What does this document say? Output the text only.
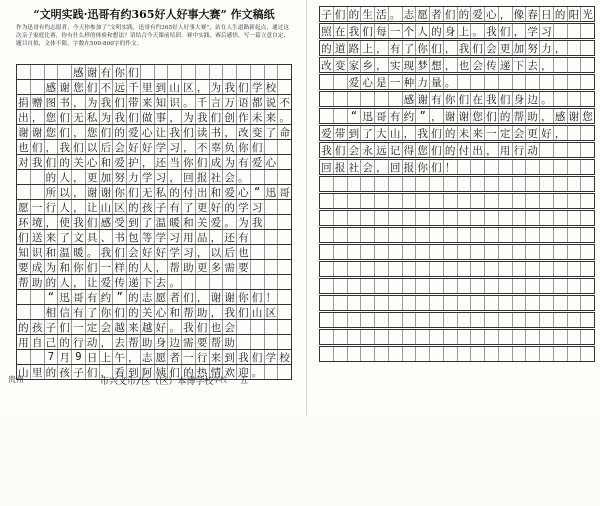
“文明实践·迅哥有约365好人好事大赛” 作文稿纸
作为迅哥有约志愿者，今天你参加了“文明实践，迅哥有约365好人好事大赛”，站在人生道路新起点，通过这次亲子家庭比赛，你有什么样的体验和想法？请结合今天课前培训、赛中实践、赛后感悟，写一篇立意自定，题目自拟，文体不限，字数在500-800字的作文。
感 谢 有 你 们
感 谢 您 们 不 远 千 里 到 山 区 ， 为 我 们 学 校
捐 赠 图 书 ， 为 我 们 带 来 知 识 。 千 言 万 语 都 说 不
出 ， 您 们 无 私 为 我 们 做 事 ， 为 我 们 创 作 未 来 。
谢 谢 您 们 ， 您 们 的 爱 心 让 我 们 读 书 ， 改 变 了 命
也 们 ， 我 们 以 后 会 好 好 学 习 ， 不 辜 负 你 们
对 我 们 的 关 心 和 爱 护 ， 还 当 你 们 成 为 有 爱 心
的 人 ， 更 加 努 力 学 习 ， 回 报 社 会 。
所 以 ， 谢 谢 你 们 无 私 的 付 出 和 爱 心 “ 迅 哥
愿 一 行 人 ， 让 山 区 的 孩 子 有 了 更 好 的 学 习
环 境 ， 使 我 们 感 受 到 了 温 暖 和 关 爱 。 为 我
们 送 来 了 文 具 、 书 包 等 学 习 用 品 ， 还 有
知 识 和 温 暖 。 我 们 会 好 好 学 习 ， 以 后 也
要 成 为 和 你 们 一 样 的 人 ， 帮 助 更 多 需 要
帮 助 的 人 ， 让 爱 传 递 下 去 。
“ 迅 哥 有 约 ” 的 志 愿 者 们 ， 谢 谢 你 们 ！
相 信 有 了 你 们 的 关 心 和 帮 助 ， 我 们 山 区
的 孩 子 们 一 定 会 越 来 越 好 。 我 们 也 会
用 自 己 的 行 动 ， 去 帮 助 身 边 需 要 帮 助
7 月 9 日 上 午 ， 志 愿 者 一 行 来 到 我 们 学 校
山 里 的 孩 子 们 ， 看 到 阿 姨 们 的 热 情 欢 迎 。
贵州	市兴义市/区（区）本博学校 学校 五
子 们 的 生 活 。 志 愿 者 们 的 爱 心 ， 像 春 日 的 阳 光
照 在 我 们 每 一 个 人 的 身 上 。 我 们 ， 学 习
的 道 路 上 ， 有 了 你 们 ， 我 们 会 更 加 努 力 ，
改 变 家 乡 ， 实 现 梦 想 ， 也 会 传 递 下 去 ，
爱 心 是 一 种 力 量 。
感 谢 有 你 们 在 我 们 身 边 。
“ 迅 哥 有 约 ” ， 谢 谢 您 们 的 帮 助 ， 感 谢 您
爱 带 到 了 大 山 ， 我 们 的 未 来 一 定 会 更 好 ，
我 们 会 永 远 记 得 您 们 的 付 出 ， 用 行 动
回 报 社 会 ， 回 报 你 们 ！
